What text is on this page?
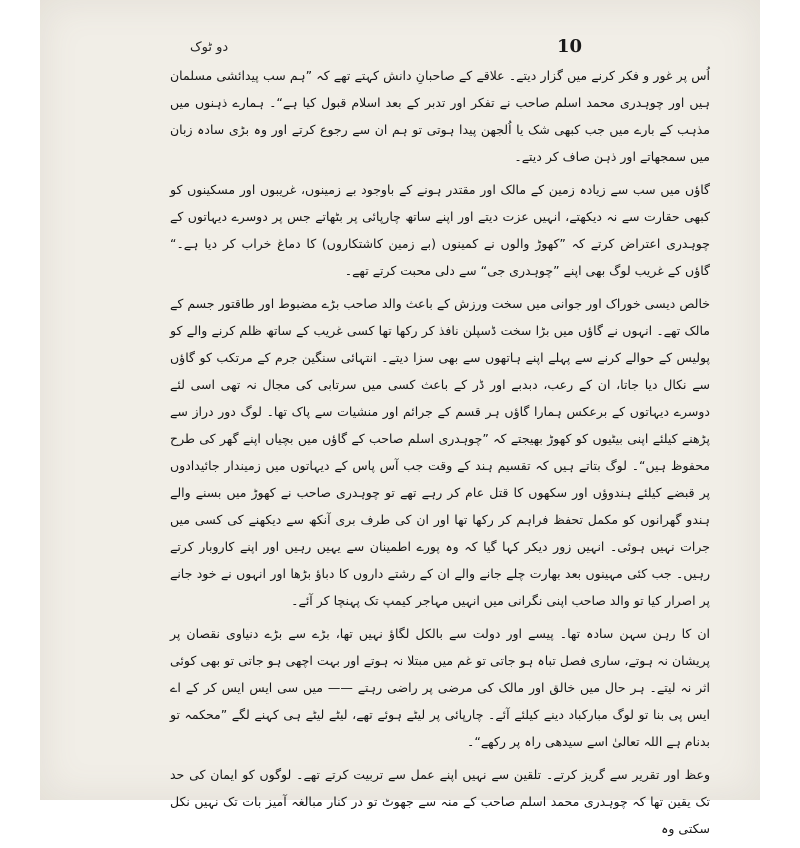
10
دو ٹوک

اُس پر غور و فکر کرنے میں گزار دیتے۔ علاقے کے صاحبانِ دانش کہتے تھے کہ ”ہم سب پیدائشی مسلمان ہیں اور چوہدری محمد اسلم صاحب نے تفکر اور تدبر کے بعد اسلام قبول کیا ہے“۔ ہمارے ذہنوں میں مذہب کے بارے میں جب کبھی شک یا اُلجھن پیدا ہوتی تو ہم ان سے رجوع کرتے اور وہ بڑی سادہ زبان میں سمجھاتے اور ذہن صاف کر دیتے۔

گاؤں میں سب سے زیادہ زمین کے مالک اور مقتدر ہونے کے باوجود بے زمینوں، غریبوں اور مسکینوں کو کبھی حقارت سے نہ دیکھتے، انہیں عزت دیتے اور اپنے ساتھ چارپائی پر بٹھاتے جس پر دوسرے دیہاتوں کے چوہدری اعتراض کرتے کہ ”کھوڑ والوں نے کمینوں (بے زمین کاشتکاروں) کا دماغ خراب کر دیا ہے۔“ گاؤں کے غریب لوگ بھی اپنے ”چوہدری جی“ سے دلی محبت کرتے تھے۔

خالص دیسی خوراک اور جوانی میں سخت ورزش کے باعث والد صاحب بڑے مضبوط اور طاقتور جسم کے مالک تھے۔ انہوں نے گاؤں میں بڑا سخت ڈسپلن نافذ کر رکھا تھا کسی غریب کے ساتھ ظلم کرنے والے کو پولیس کے حوالے کرنے سے پہلے اپنے ہاتھوں سے بھی سزا دیتے۔ انتہائی سنگین جرم کے مرتکب کو گاؤں سے نکال دیا جاتا، ان کے رعب، دبدبے اور ڈر کے باعث کسی میں سرتابی کی مجال نہ تھی اسی لئے دوسرے دیہاتوں کے برعکس ہمارا گاؤں ہر قسم کے جرائم اور منشیات سے پاک تھا۔ لوگ دور دراز سے پڑھنے کیلئے اپنی بیٹیوں کو کھوڑ بھیجتے کہ ”چوہدری اسلم صاحب کے گاؤں میں بچیاں اپنے گھر کی طرح محفوظ ہیں“۔ لوگ بتاتے ہیں کہ تقسیم ہند کے وقت جب آس پاس کے دیہاتوں میں زمیندار جائیدادوں پر قبضے کیلئے ہندوؤں اور سکھوں کا قتل عام کر رہے تھے تو چوہدری صاحب نے کھوڑ میں بسنے والے ہندو گھرانوں کو مکمل تحفظ فراہم کر رکھا تھا اور ان کی طرف بری آنکھ سے دیکھنے کی کسی میں جرات نہیں ہوئی۔ انہیں زور دیکر کہا گیا کہ وہ پورے اطمینان سے یہیں رہیں اور اپنے کاروبار کرتے رہیں۔ جب کئی مہینوں بعد بھارت چلے جانے والے ان کے رشتے داروں کا دباؤ بڑھا اور انہوں نے خود جانے پر اصرار کیا تو والد صاحب اپنی نگرانی میں انہیں مہاجر کیمپ تک پہنچا کر آئے۔

ان کا رہن سہن سادہ تھا۔ پیسے اور دولت سے بالکل لگاؤ نہیں تھا، بڑے سے بڑے دنیاوی نقصان پر پریشان نہ ہوتے، ساری فصل تباہ ہو جاتی تو غم میں مبتلا نہ ہوتے اور بہت اچھی ہو جاتی تو بھی کوئی اثر نہ لیتے۔ ہر حال میں خالق اور مالک کی مرضی پر راضی رہتے —— میں سی ایس ایس کر کے اے ایس پی بنا تو لوگ مبارکباد دینے کیلئے آئے۔ چارپائی پر لیٹے ہوئے تھے، لیٹے لیٹے ہی کہنے لگے ”محکمہ تو بدنام ہے اللہ تعالیٰ اسے سیدھی راہ پر رکھے“۔

وعظ اور تقریر سے گریز کرتے۔ تلقین سے نہیں اپنے عمل سے تربیت کرتے تھے۔ لوگوں کو ایمان کی حد تک یقین تھا کہ چوہدری محمد اسلم صاحب کے منہ سے جھوٹ تو در کنار مبالغہ آمیز بات تک نہیں نکل سکتی وہ
